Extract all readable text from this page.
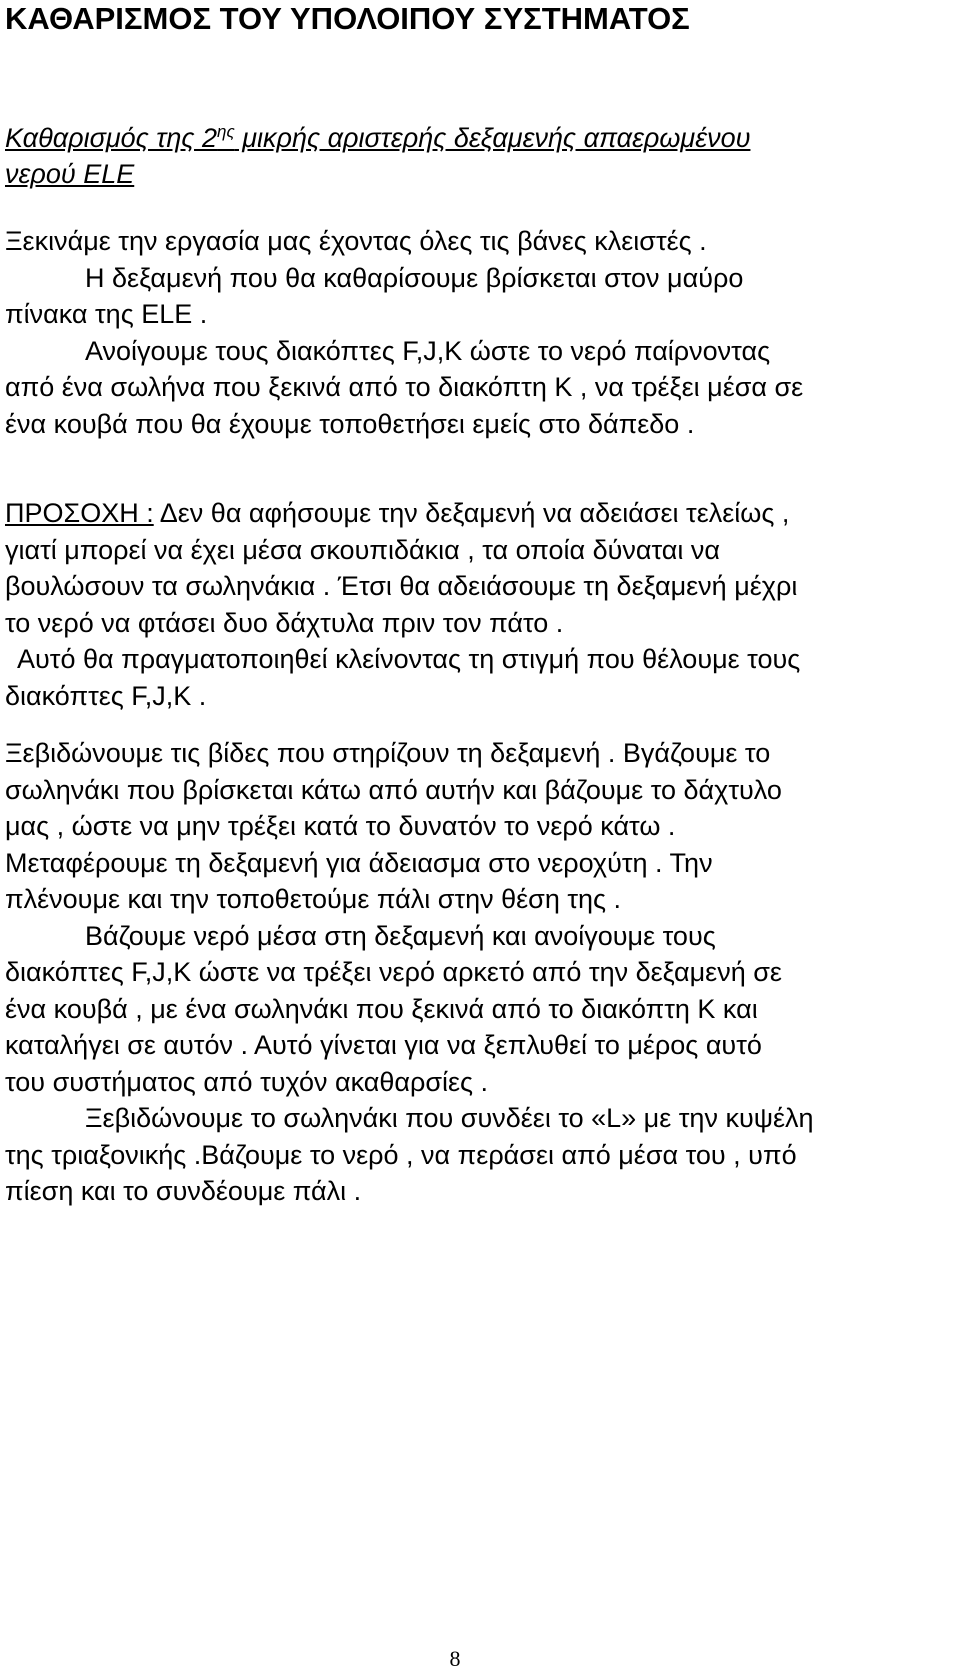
ΚΑΘΑΡΙΣΜΟΣ ΤΟΥ ΥΠΟΛΟΙΠΟΥ ΣΥΣΤΗΜΑΤΟΣ
Καθαρισμός της $2^{\eta\varsigma}$ μικρής αριστερής δεξαμενής απαερωμένου
νερού ELE
Ξεκινάμε την εργασία μας έχοντας όλες τις βάνες κλειστές .
Η δεξαμενή που θα καθαρίσουμε βρίσκεται στον μαύρο
πίνακα της ELE .
Ανοίγουμε τους διακόπτες F,J,K ώστε το νερό παίρνοντας
από ένα σωλήνα που ξεκινά από το διακόπτη K , να τρέξει μέσα σε
ένα κουβά που θα έχουμε τοποθετήσει εμείς στο δάπεδο .
ΠΡΟΣΟΧΗ : Δεν θα αφήσουμε την δεξαμενή να αδειάσει τελείως ,
γιατί μπορεί να έχει μέσα σκουπιδάκια , τα οποία δύναται να
βουλώσουν τα σωληνάκια . Έτσι θα αδειάσουμε τη δεξαμενή μέχρι
το νερό να φτάσει δυο δάχτυλα πριν τον πάτο .
Αυτό θα πραγματοποιηθεί κλείνοντας τη στιγμή που θέλουμε τους
διακόπτες F,J,K .
Ξεβιδώνουμε τις βίδες που στηρίζουν τη δεξαμενή . Βγάζουμε το
σωληνάκι που βρίσκεται κάτω από αυτήν και βάζουμε το δάχτυλο
μας , ώστε να μην τρέξει κατά το δυνατόν το νερό κάτω .
Μεταφέρουμε τη δεξαμενή για άδειασμα στο νεροχύτη . Την
πλένουμε και την τοποθετούμε πάλι στην θέση της .
Βάζουμε νερό μέσα στη δεξαμενή και ανοίγουμε τους
διακόπτες F,J,K ώστε να τρέξει νερό αρκετό από την δεξαμενή σε
ένα κουβά , με ένα σωληνάκι που ξεκινά από το διακόπτη K και
καταλήγει σε αυτόν . Αυτό γίνεται για να ξεπλυθεί το μέρος αυτό
του συστήματος από τυχόν ακαθαρσίες .
Ξεβιδώνουμε το σωληνάκι που συνδέει το «L» με την κυψέλη
της τριαξονικής .Βάζουμε το νερό , να περάσει από μέσα του , υπό
πίεση και το συνδέουμε πάλι .
8
